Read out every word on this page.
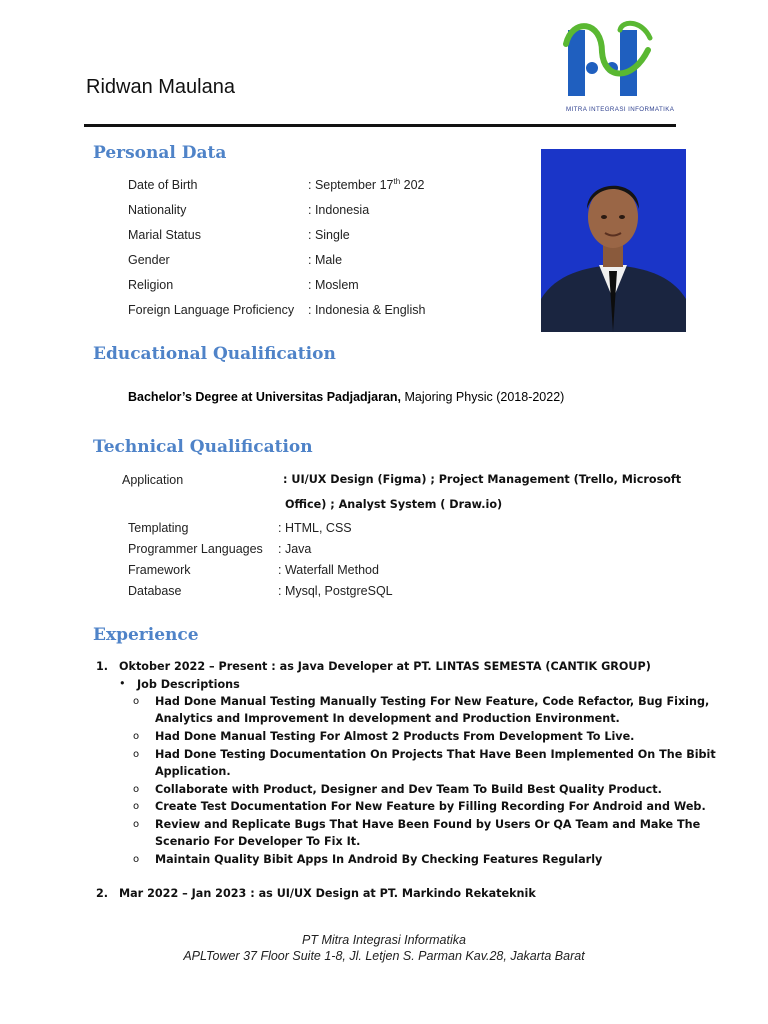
Ridwan Maulana
MITRA INTEGRASI INFORMATIKA
Personal Data
Date of Birth	: September 17th 202
Nationality	: Indonesia
Marial Status	: Single
Gender	: Male
Religion	: Moslem
Foreign Language Proficiency : Indonesia & English
Educational Qualification
Bachelor’s Degree at Universitas Padjadjaran, Majoring Physic (2018-2022)
Technical Qualification
Application	: UI/UX Design (Figma) ; Project Management (Trello, Microsoft
Office) ; Analyst System ( Draw.io)
Templating	: HTML, CSS
Programmer Languages : Java
Framework	: Waterfall Method
Database	: Mysql, PostgreSQL
Experience
1. Oktober 2022 – Present : as Java Developer at PT. LINTAS SEMESTA (CANTIK GROUP)
• Job Descriptions
o Had Done Manual Testing Manually Testing For New Feature, Code Refactor, Bug Fixing,
Analytics and Improvement In development and Production Environment.
o Had Done Manual Testing For Almost 2 Products From Development To Live.
o Had Done Testing Documentation On Projects That Have Been Implemented On The Bibit
Application.
o Collaborate with Product, Designer and Dev Team To Build Best Quality Product.
o Create Test Documentation For New Feature by Filling Recording For Android and Web.
o Review and Replicate Bugs That Have Been Found by Users Or QA Team and Make The
Scenario For Developer To Fix It.
o Maintain Quality Bibit Apps In Android By Checking Features Regularly
2. Mar 2022 – Jan 2023 : as UI/UX Design at PT. Markindo Rekateknik
PT Mitra Integrasi Informatika
APLTower 37 Floor Suite 1-8, Jl. Letjen S. Parman Kav.28, Jakarta Barat
